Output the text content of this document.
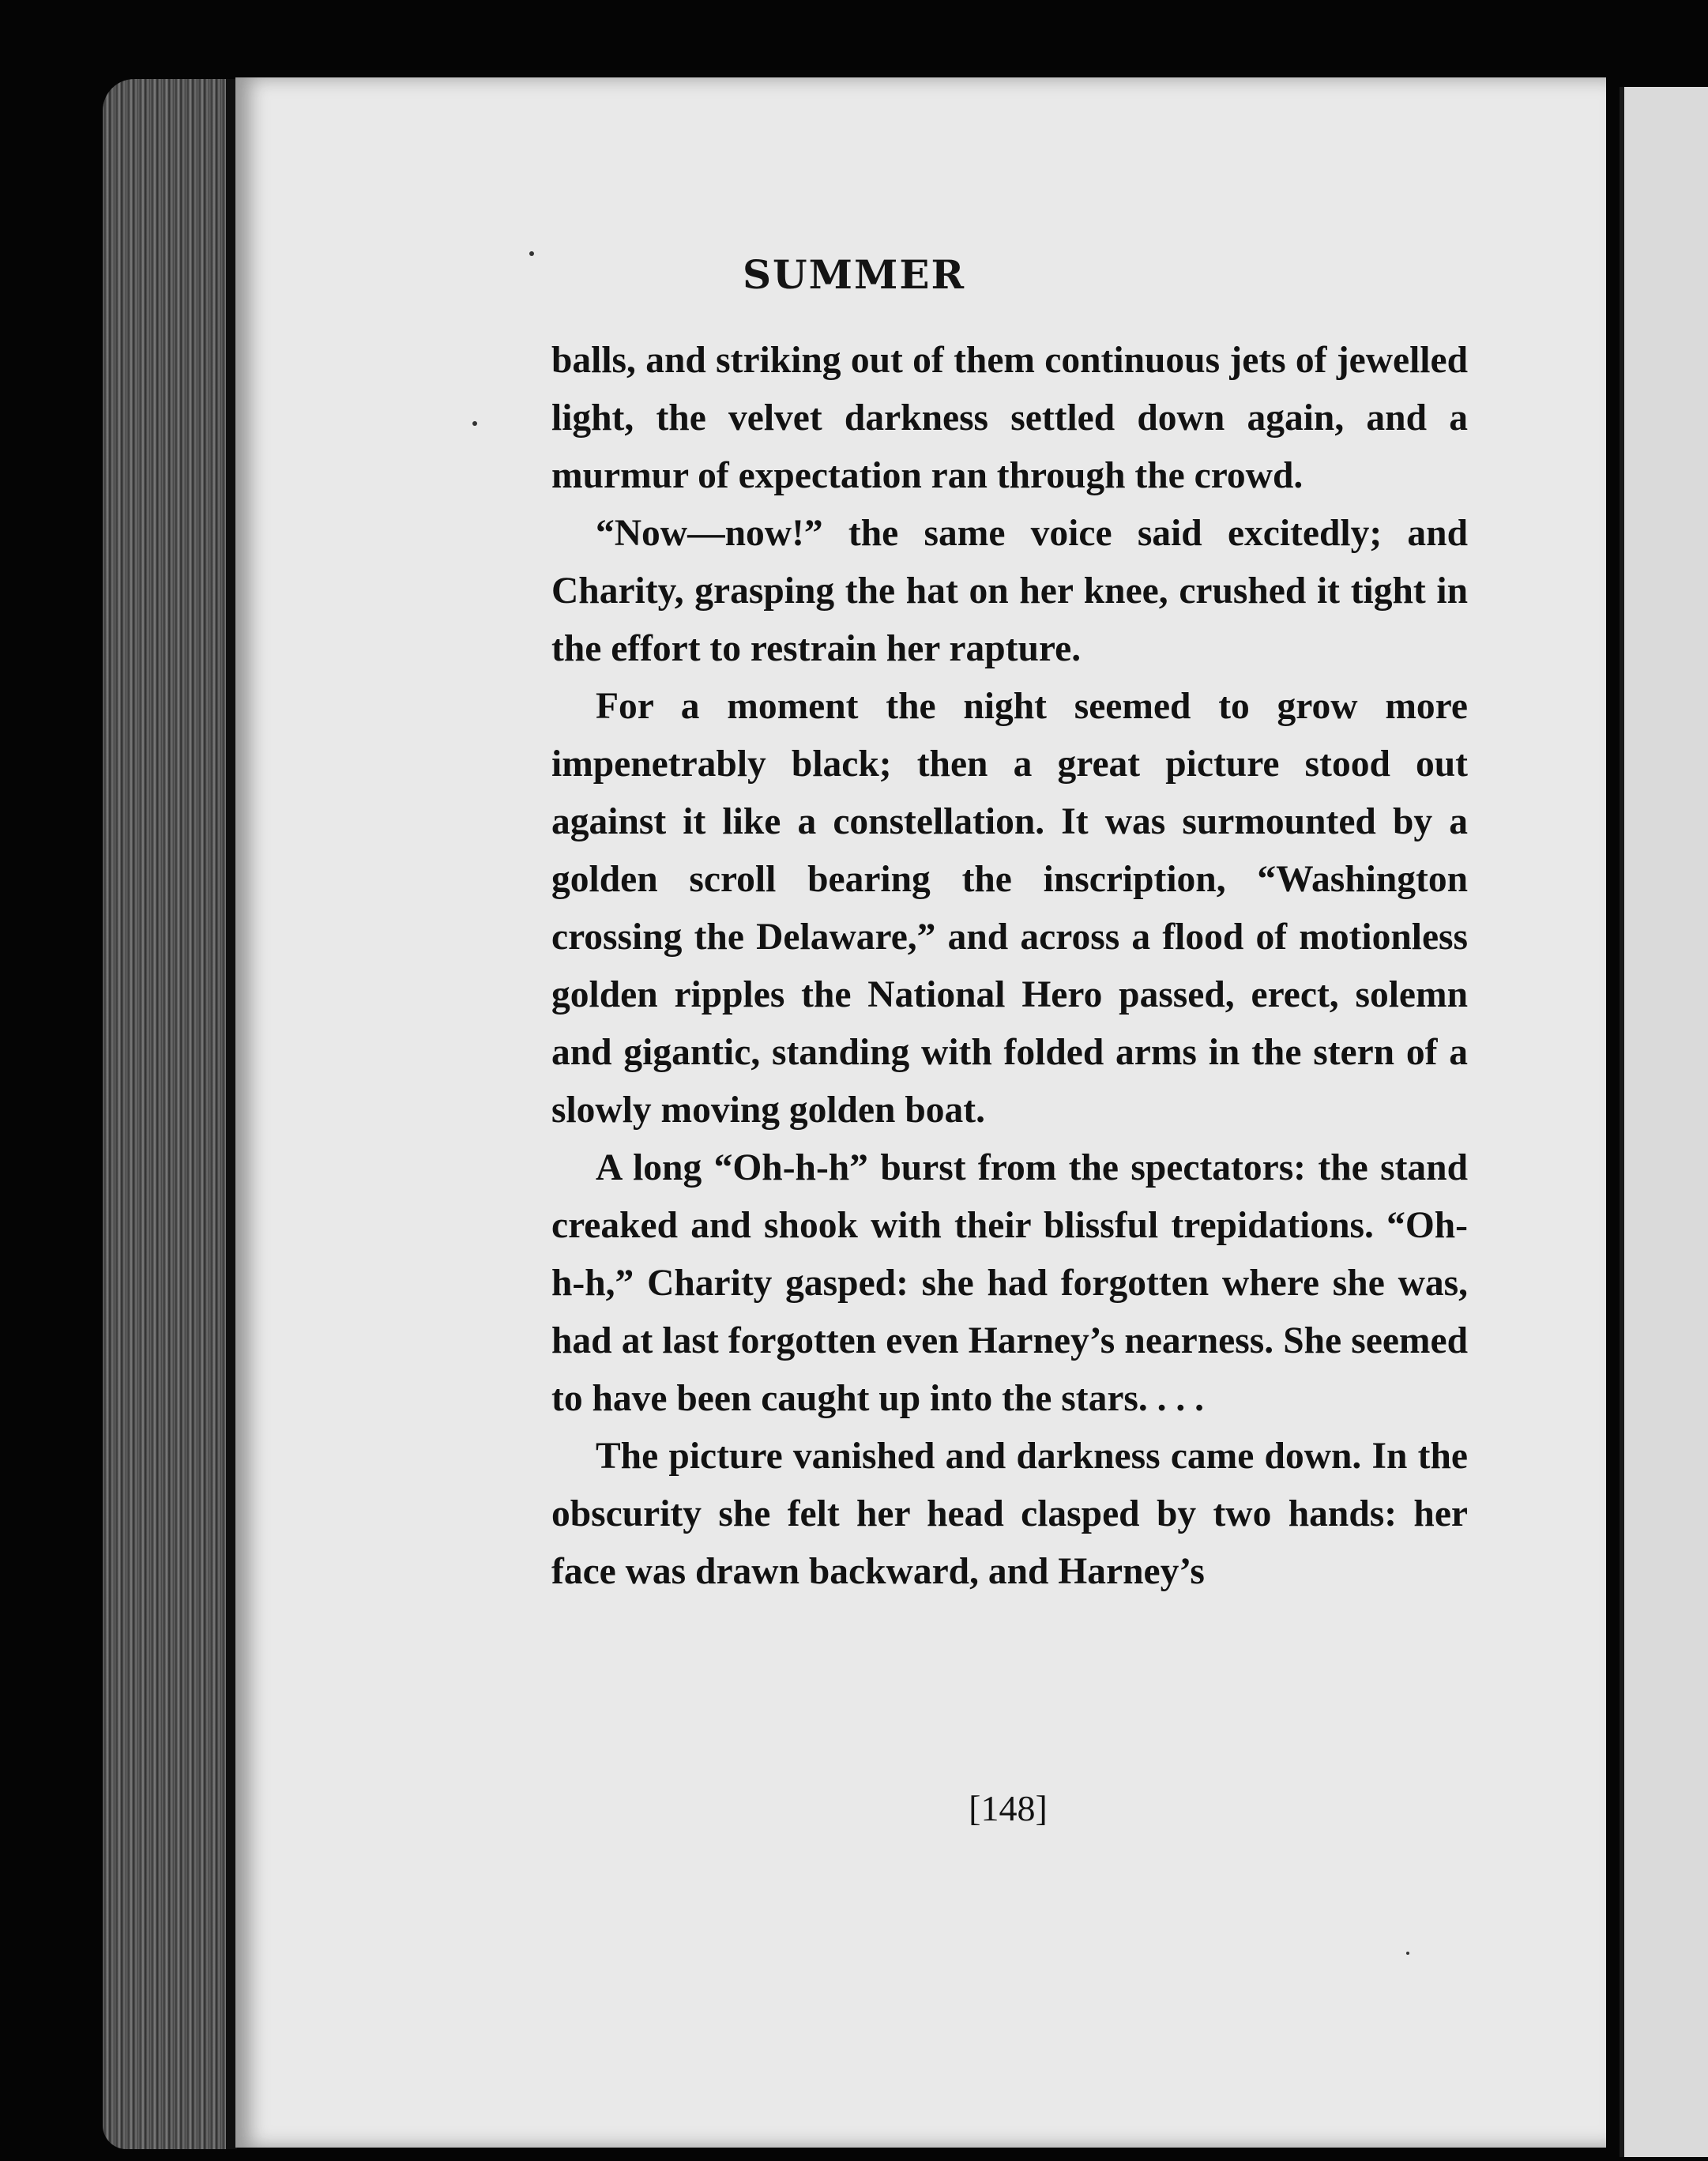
SUMMER

balls, and striking out of them continuous jets of jewelled light, the velvet darkness settled down again, and a murmur of expectation ran through the crowd.

“Now—now!” the same voice said excitedly; and Charity, grasping the hat on her knee, crushed it tight in the effort to restrain her rapture.

For a moment the night seemed to grow more impenetrably black; then a great picture stood out against it like a constellation. It was surmounted by a golden scroll bearing the inscription, “Washington crossing the Delaware,” and across a flood of motionless golden ripples the National Hero passed, erect, solemn and gigantic, standing with folded arms in the stern of a slowly moving golden boat.

A long “Oh-h-h” burst from the spectators: the stand creaked and shook with their blissful trepidations. “Oh-h-h,” Charity gasped: she had forgotten where she was, had at last forgotten even Harney’s nearness. She seemed to have been caught up into the stars. . . .

The picture vanished and darkness came down. In the obscurity she felt her head clasped by two hands: her face was drawn backward, and Harney’s

[148]
